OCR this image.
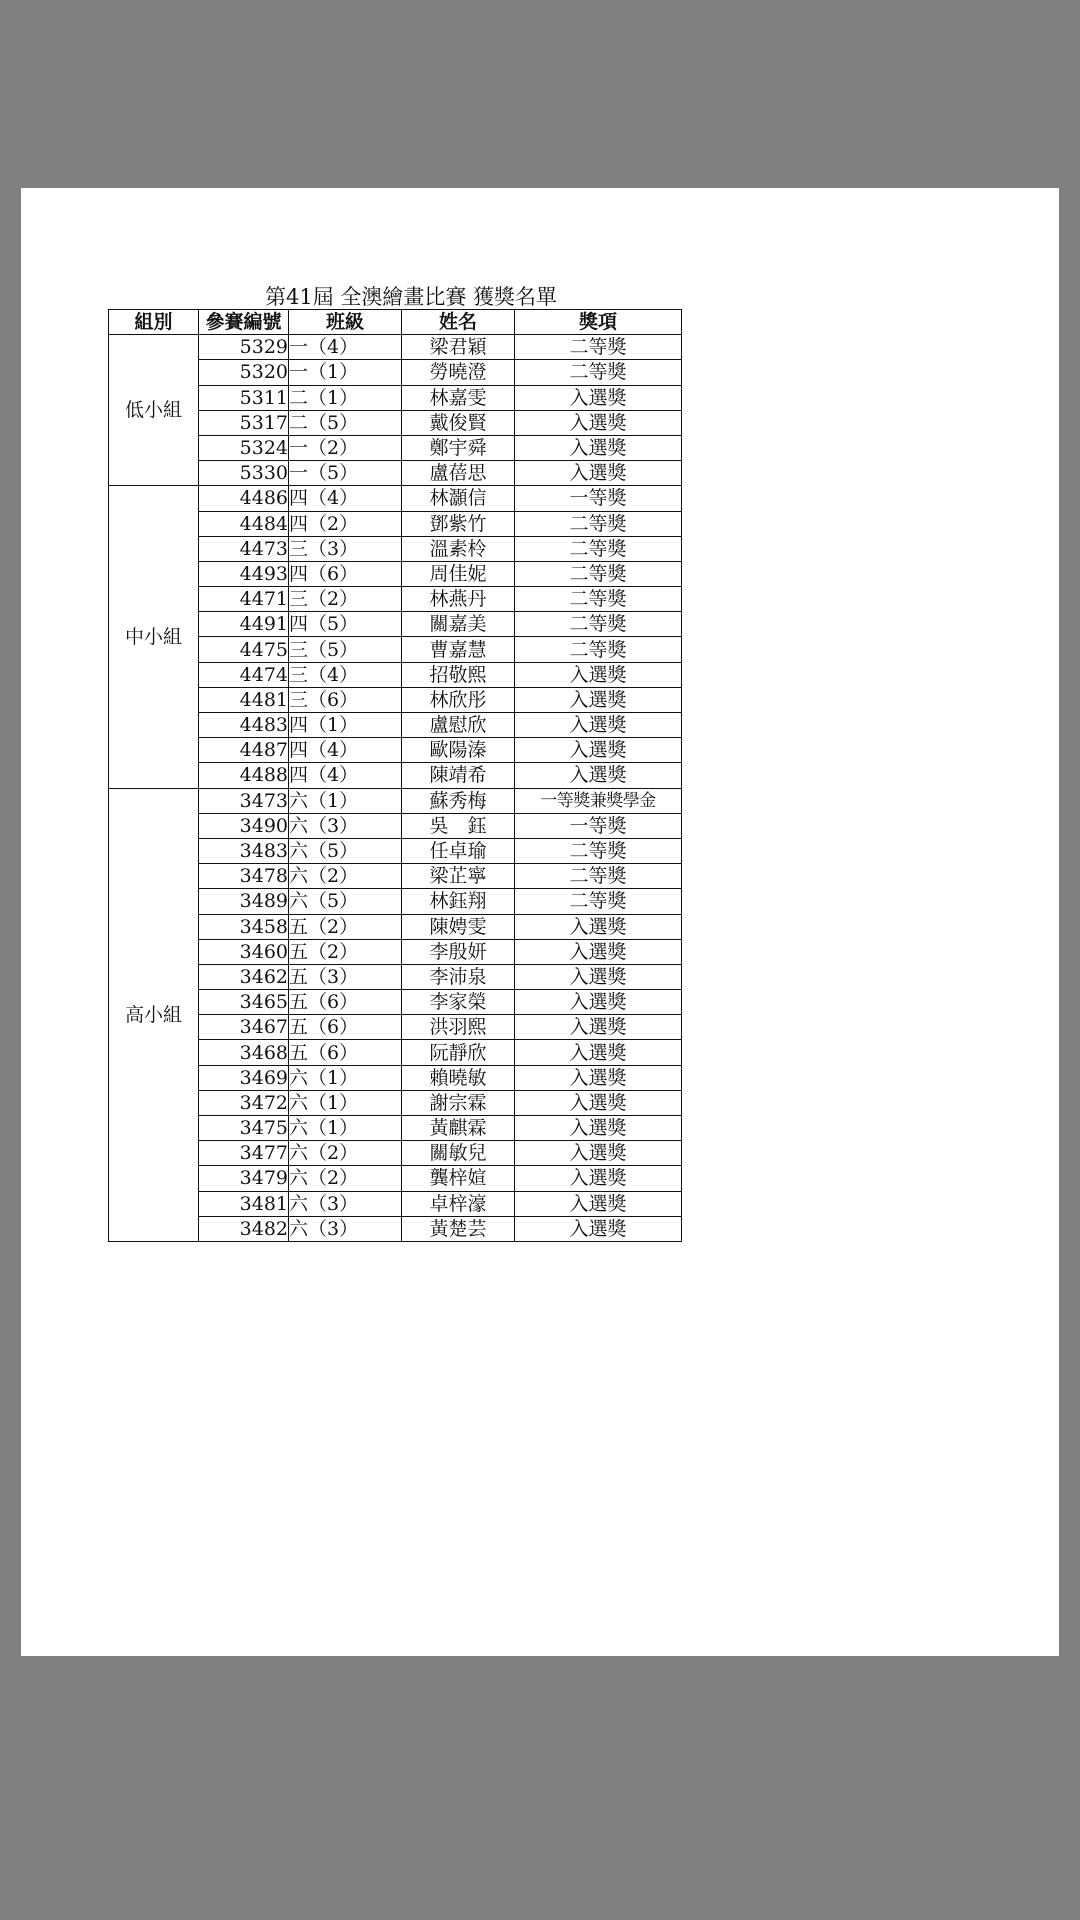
第41屆 全澳繪畫比賽 獲獎名單
組別	參賽編號	班級	姓名	獎項
低小組	5329	一（4）	梁君穎	二等獎
	5320	一（1）	勞曉澄	二等獎
	5311	二（1）	林嘉雯	入選獎
	5317	二（5）	戴俊賢	入選獎
	5324	一（2）	鄭宇舜	入選獎
	5330	一（5）	盧蓓思	入選獎
中小組	4486	四（4）	林灝信	一等獎
	4484	四（2）	鄧紫竹	二等獎
	4473	三（3）	溫素柃	二等獎
	4493	四（6）	周佳妮	二等獎
	4471	三（2）	林燕丹	二等獎
	4491	四（5）	關嘉美	二等獎
	4475	三（5）	曹嘉慧	二等獎
	4474	三（4）	招敬熙	入選獎
	4481	三（6）	林欣彤	入選獎
	4483	四（1）	盧慰欣	入選獎
	4487	四（4）	歐陽溱	入選獎
	4488	四（4）	陳靖希	入選獎
高小組	3473	六（1）	蘇秀梅	一等獎兼獎學金
	3490	六（3）	吳　鈺	一等獎
	3483	六（5）	任卓瑜	二等獎
	3478	六（2）	梁芷寧	二等獎
	3489	六（5）	林鈺翔	二等獎
	3458	五（2）	陳娉雯	入選獎
	3460	五（2）	李殷妍	入選獎
	3462	五（3）	李沛泉	入選獎
	3465	五（6）	李家榮	入選獎
	3467	五（6）	洪羽熙	入選獎
	3468	五（6）	阮靜欣	入選獎
	3469	六（1）	賴曉敏	入選獎
	3472	六（1）	謝宗霖	入選獎
	3475	六（1）	黃麒霖	入選獎
	3477	六（2）	關敏兒	入選獎
	3479	六（2）	龔梓媗	入選獎
	3481	六（3）	卓梓濠	入選獎
	3482	六（3）	黃楚芸	入選獎
